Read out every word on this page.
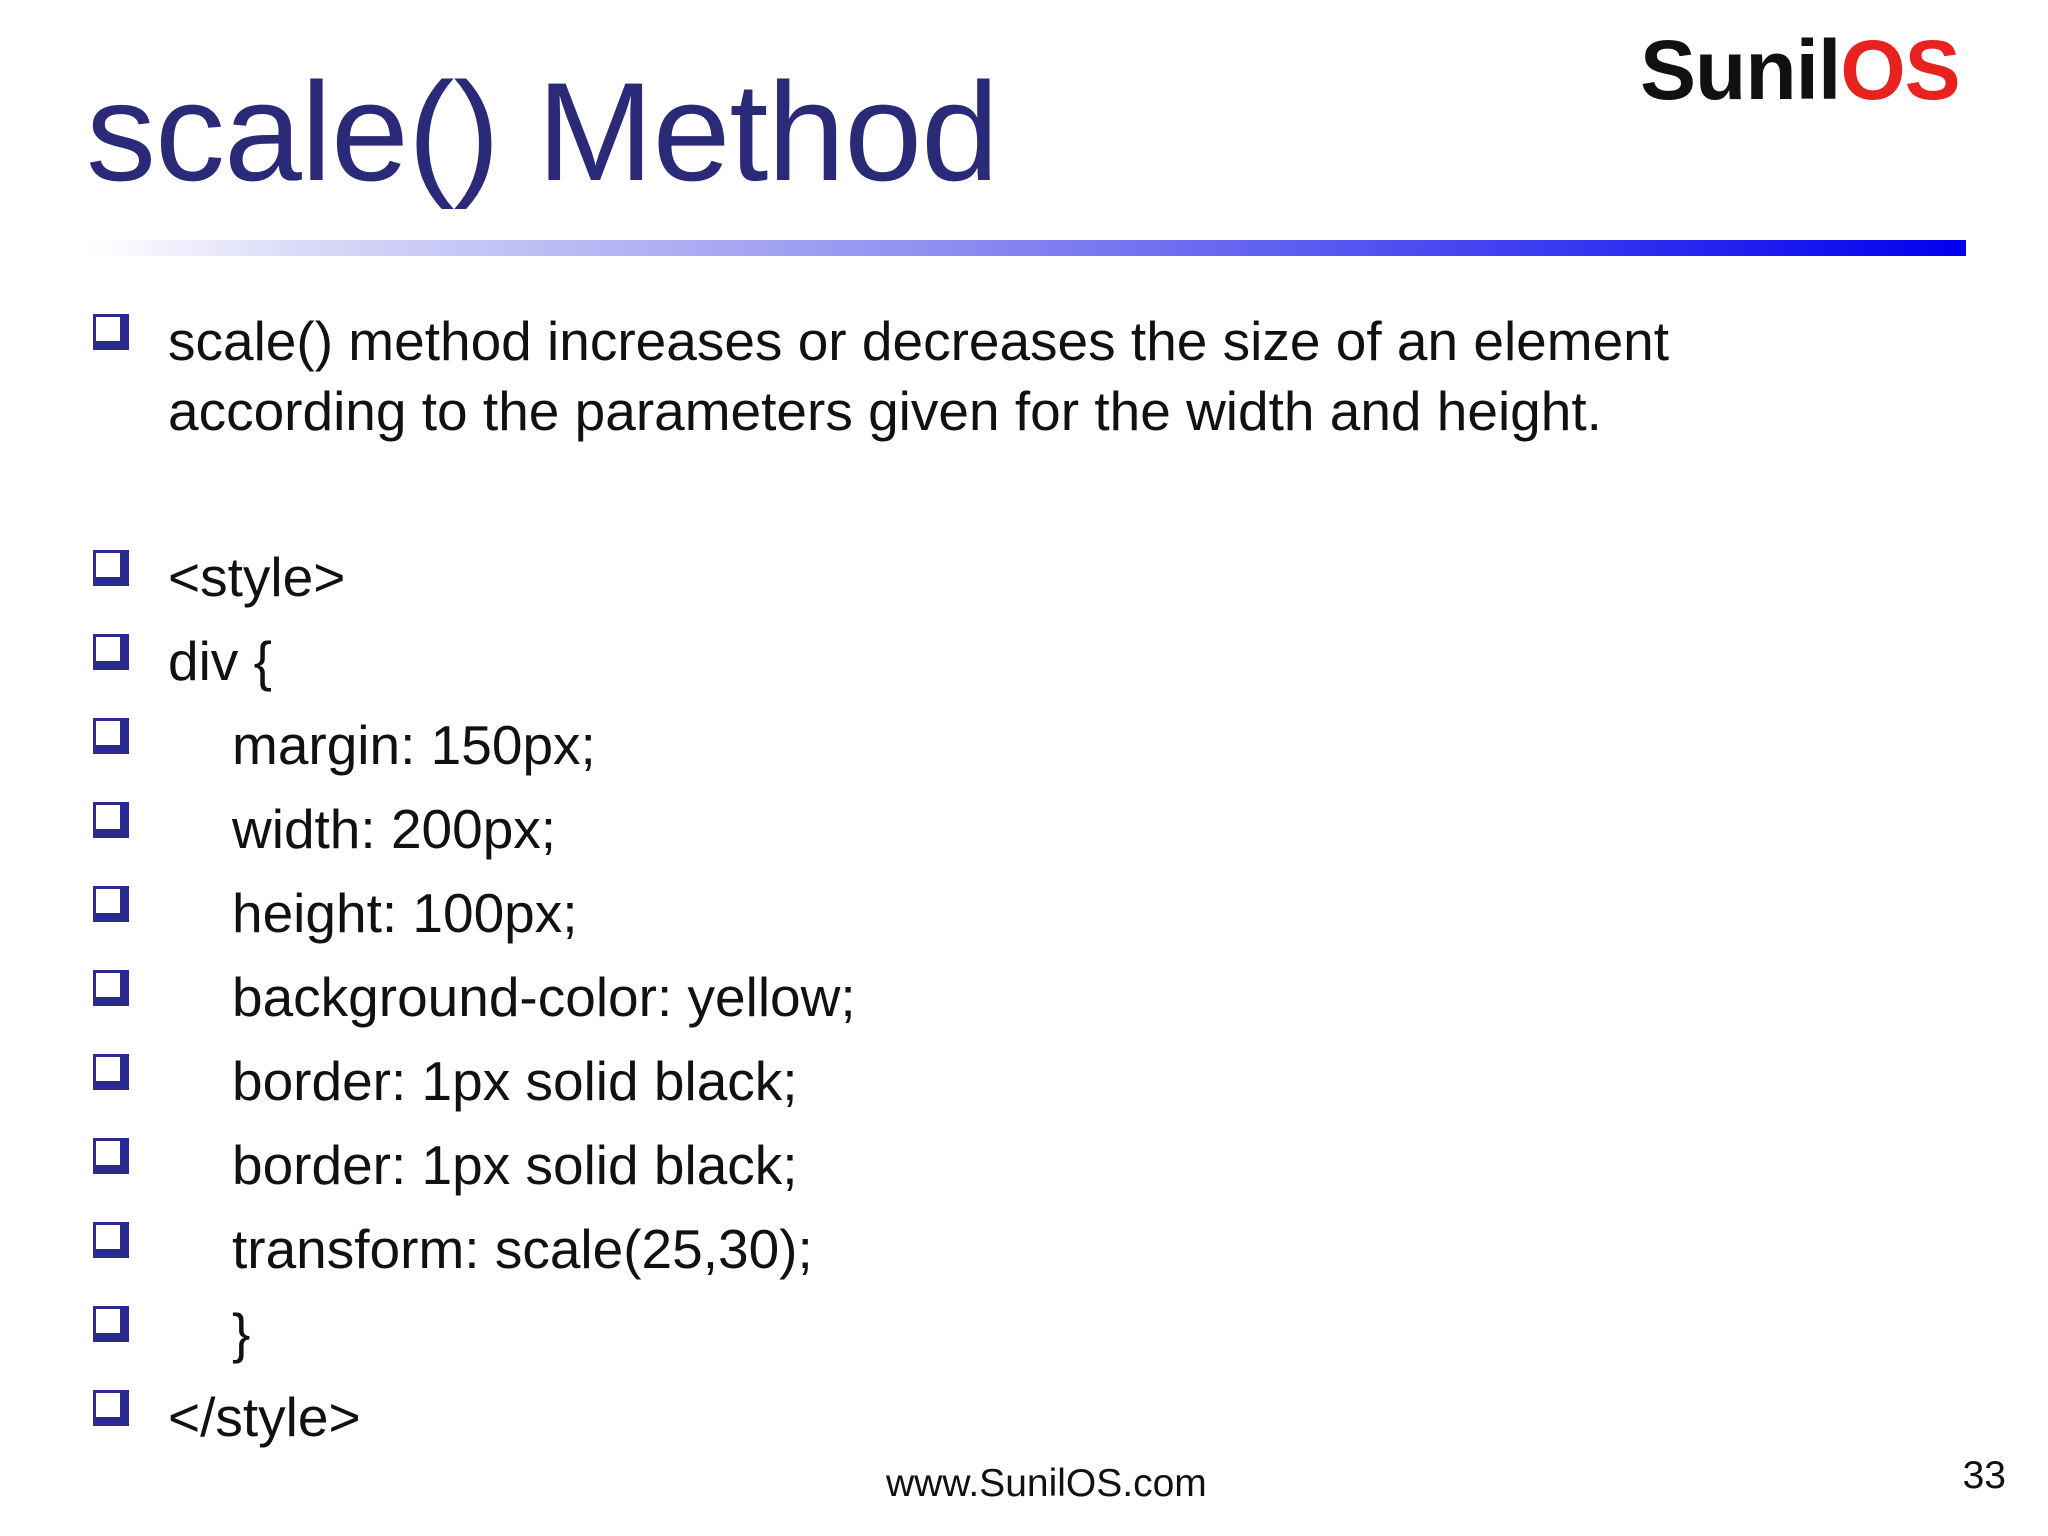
scale() Method	SunilOS
scale() method increases or decreases the size of an element
according to the parameters given for the width and height.
<style>
div {
margin: 150px;
width: 200px;
height: 100px;
background-color: yellow;
border: 1px solid black;
border: 1px solid black;
transform: scale(25,30);
}
</style>
www.SunilOS.com	33
